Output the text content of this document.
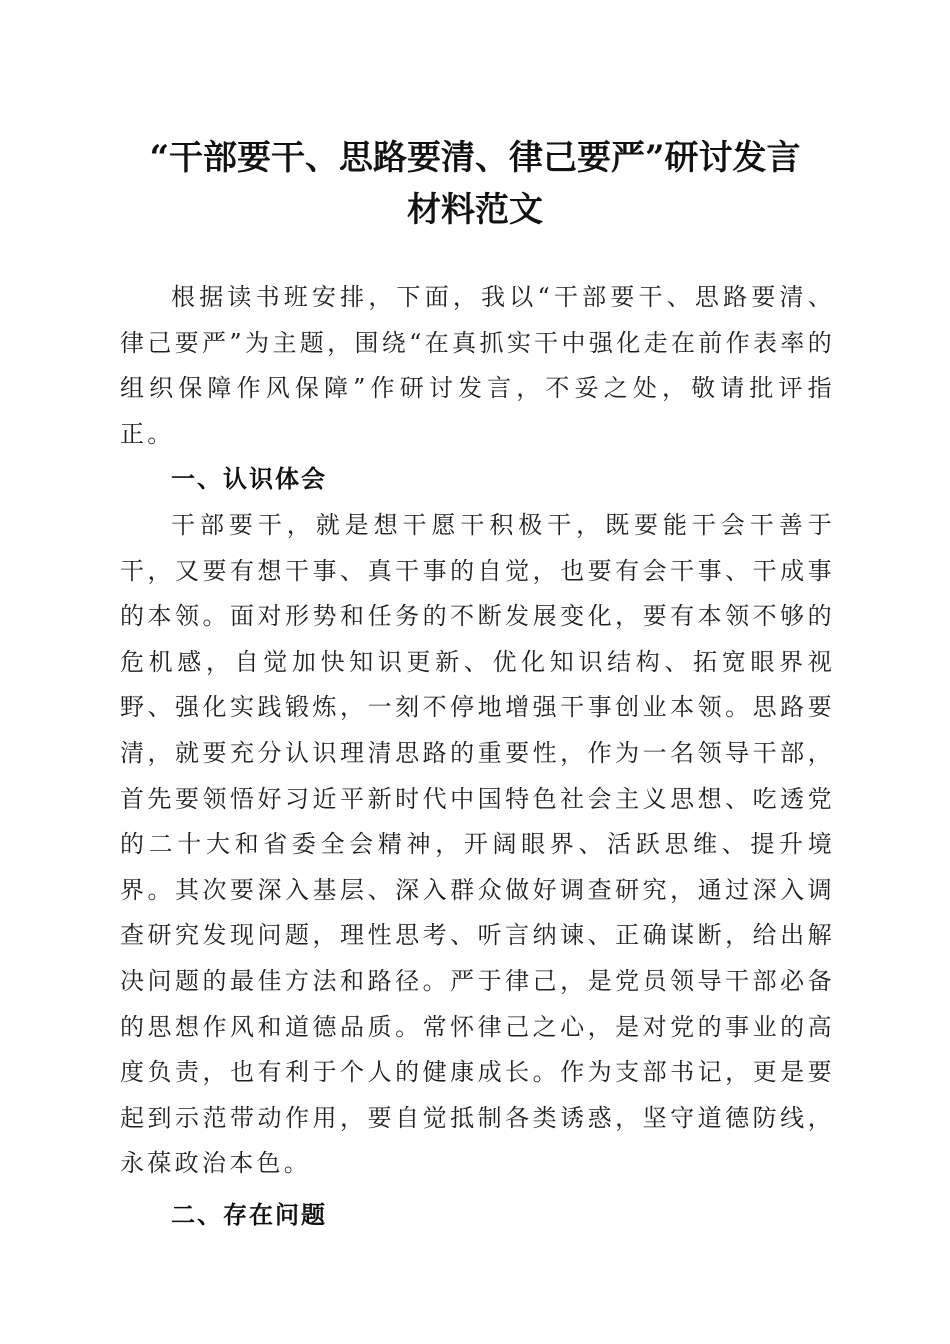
“干部要干、思路要清、律己要严”研讨发言
材料范文

根据读书班安排，下面，我以“干部要干、思路要清、律己要严”为主题，围绕“在真抓实干中强化走在前作表率的组织保障作风保障”作研讨发言，不妥之处，敬请批评指正。

一、认识体会

干部要干，就是想干愿干积极干，既要能干会干善于干，又要有想干事、真干事的自觉，也要有会干事、干成事的本领。面对形势和任务的不断发展变化，要有本领不够的危机感，自觉加快知识更新、优化知识结构、拓宽眼界视野、强化实践锻炼，一刻不停地增强干事创业本领。思路要清，就要充分认识理清思路的重要性，作为一名领导干部，首先要领悟好习近平新时代中国特色社会主义思想、吃透党的二十大和省委全会精神，开阔眼界、活跃思维、提升境界。其次要深入基层、深入群众做好调查研究，通过深入调查研究发现问题，理性思考、听言纳谏、正确谋断，给出解决问题的最佳方法和路径。严于律己，是党员领导干部必备的思想作风和道德品质。常怀律己之心，是对党的事业的高度负责，也有利于个人的健康成长。作为支部书记，更是要起到示范带动作用，要自觉抵制各类诱惑，坚守道德防线，永葆政治本色。

二、存在问题
